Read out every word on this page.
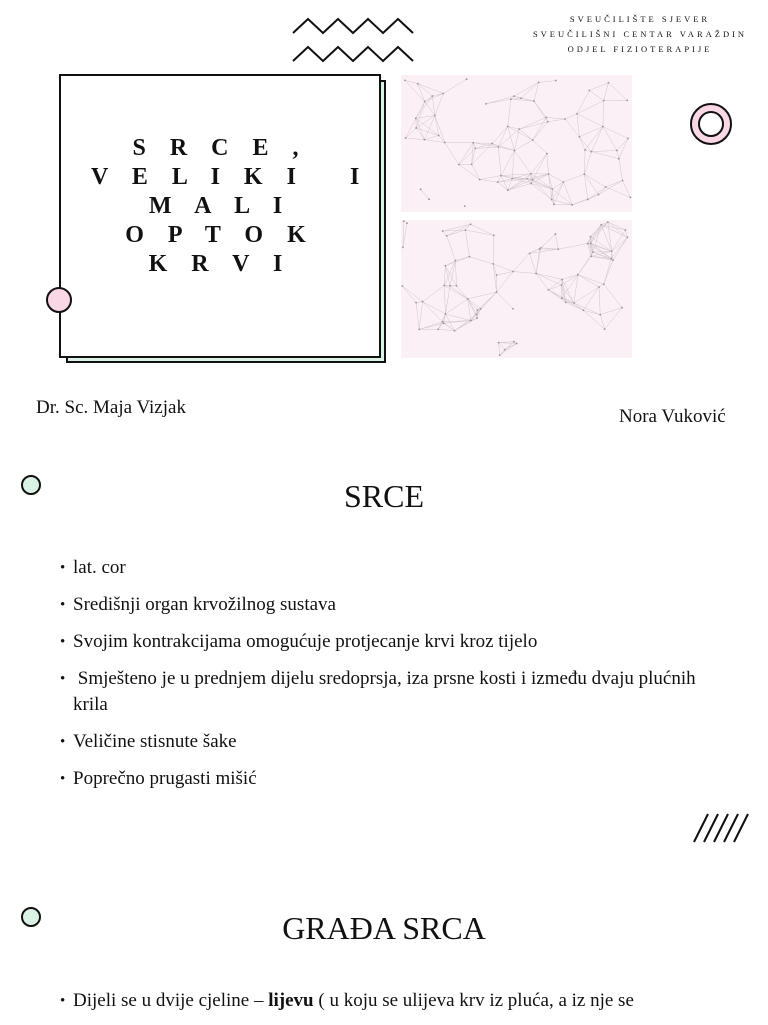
SVEUČILIŠTE SJEVER
SVEUČILIŠNI CENTAR VARAŽDIN
ODJEL FIZIOTERAPIJE
S R C E ,
V E L I K I   I
M A L I
O P T O K
K R V I
Dr. Sc. Maja Vizjak	Nora Vuković
SRCE
• lat. cor
• Središnji organ krvožilnog sustava
• Svojim kontrakcijama omogućuje protjecanje krvi kroz tijelo
•  Smješteno je u prednjem dijelu sredoprsja, iza prsne kosti i između dvaju plućnih krila
• Veličine stisnute šake
• Poprečno prugasti mišić
GRAĐA SRCA
• Dijeli se u dvije cjeline – lijevu ( u koju se ulijeva krv iz pluća, a iz nje se
